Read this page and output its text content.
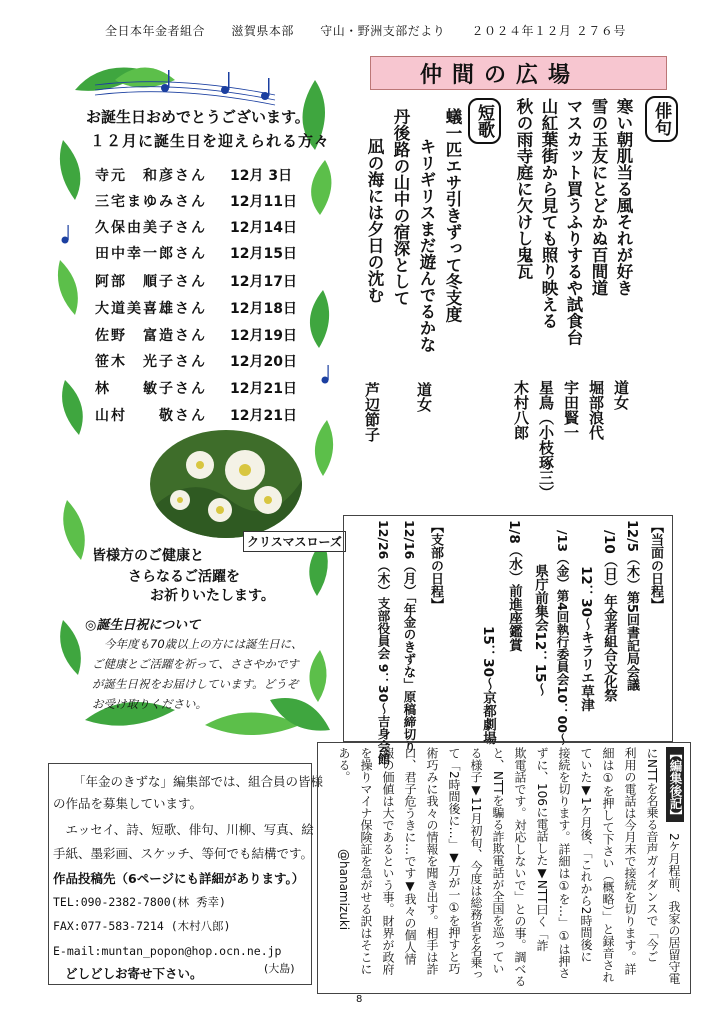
全日本年金者組合 滋賀県本部 守山・野洲支部だより ２０２４年１２月 ２７６号
お誕生日おめでとうございます。
１２月に誕生日を迎えられる方々
寺元　和彦さん 12月 3日
三宅まゆみさん 12月11日
久保由美子さん 12月14日
田中幸一郎さん 12月15日
阿部　順子さん 12月17日
大道美喜雄さん 12月18日
佐野　富造さん 12月19日
笹木　光子さん 12月20日
林　　敏子さん 12月21日
山村　　敬さん 12月21日
クリスマスローズ
皆様方のご健康と
さらなるご活躍を
お祈りいたします。
◎誕生日祝について
今年度も70歳以上の方には誕生日に、
ご健康とご活躍を祈って、ささやかです
が誕生日祝をお届けしています。どうぞ
お受け取りください。
「年金のきずな」編集部では、組合員の皆様
の作品を募集しています。
　エッセイ、詩、短歌、俳句、川柳、写真、絵
手紙、墨彩画、スケッチ、等何でも結構です。
作品投稿先（6ページにも詳細があります。）
TEL:090-2382-7800(林 秀幸)
FAX:077-583-7214 (木村八郎)
E-mail:muntan_popon@hop.ocn.ne.jp
どしどしお寄せ下さい。	(大島)
仲間の広場
俳句
寒い朝肌当る風それが好き
道女
雪の玉友にとどかぬ百間道
堀部浪代
マスカット買うふりするや試食台
宇田賢一
山紅葉街から見ても照り映える
星鳥（小枝琢三）
秋の雨寺庭に欠けし鬼瓦
木村八郎
短歌
蟻一匹エサ引きずって冬支度
キリギリスまだ遊んでるかな
道女
丹後路の山中の宿深として
凪の海には夕日の沈む
芦辺節子
【当面の日程】
12/5（木）第5回書記局会議
/10（日）年金者組合文化祭
12：30～キラリエ草津
/13（金）第4回執行委員会10：00～
県庁前集会12：15～
1/8（水）前進座鑑賞
15：30～京都劇場
【支部の日程】
12/16（月）「年金のきずな」原稿締切り
12/26（木）支部役員会 9：30～吉身会館
【編集後記】
2ケ月程前、我家の居留守電
にNTTを名乗る音声ガイダンスで「今ご
利用の電話は今月末で接続を切ります。詳
細は①を押して下さい（概略）」と録音され
ていた▼1ケ月後、「これから2時間後に
接続を切ります。詳細は①を…」①は押さ
ずに、106に電話した▼NTT曰く「詐
欺電話です。対応しないで」との事。調べる
と、NTTを騙る詐欺電話が全国を巡ってい
る様子▼11月初旬、今度は総務省を名乗っ
て「2時間後に…」▼万が一①を押すと巧
術巧みに我々の情報を聞き出す。相手は詐
口、君子危うきに…です▼我々の個人情
報の価値は大であるという事。財界が政府
を操りマイナ保険証を急がせる訳はそこに
ある。　　　　　　@hanamizuki
8
